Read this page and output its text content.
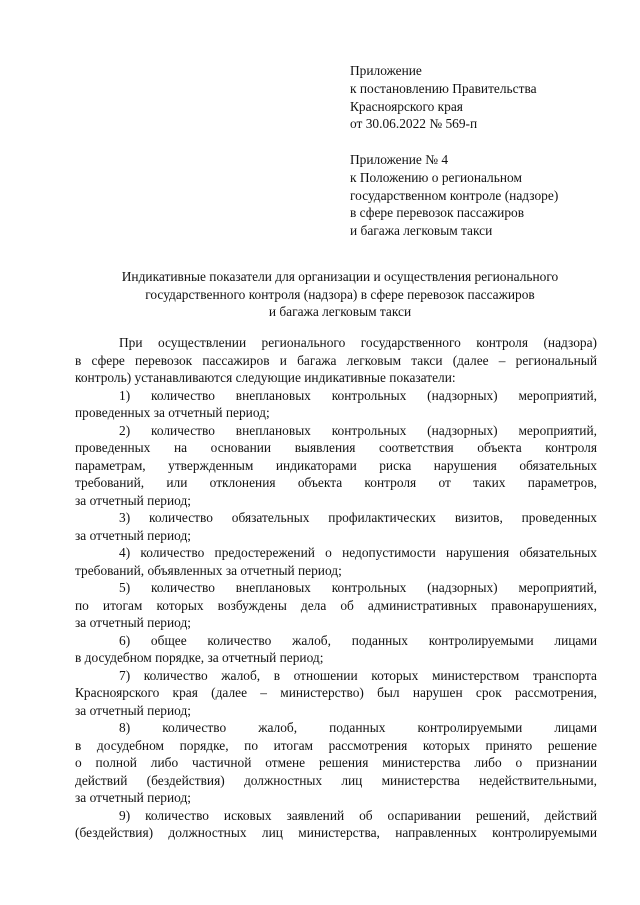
Приложение
к постановлению Правительства
Красноярского края
от 30.06.2022 № 569-п
Приложение № 4
к Положению о региональном
государственном контроле (надзоре)
в сфере перевозок пассажиров
и багажа легковым такси
Индикативные показатели для организации и осуществления регионального
государственного контроля (надзора) в сфере перевозок пассажиров
и багажа легковым такси
При осуществлении регионального государственного контроля (надзора)
в сфере перевозок пассажиров и багажа легковым такси (далее – региональный
контроль) устанавливаются следующие индикативные показатели:
1) количество внеплановых контрольных (надзорных) мероприятий,
проведенных за отчетный период;
2) количество внеплановых контрольных (надзорных) мероприятий,
проведенных на основании выявления соответствия объекта контроля
параметрам, утвержденным индикаторами риска нарушения обязательных
требований, или отклонения объекта контроля от таких параметров,
за отчетный период;
3) количество обязательных профилактических визитов, проведенных
за отчетный период;
4) количество предостережений о недопустимости нарушения обязательных
требований, объявленных за отчетный период;
5) количество внеплановых контрольных (надзорных) мероприятий,
по итогам которых возбуждены дела об административных правонарушениях,
за отчетный период;
6) общее количество жалоб, поданных контролируемыми лицами
в досудебном порядке, за отчетный период;
7) количество жалоб, в отношении которых министерством транспорта
Красноярского края (далее – министерство) был нарушен срок рассмотрения,
за отчетный период;
8) количество жалоб, поданных контролируемыми лицами
в досудебном порядке, по итогам рассмотрения которых принято решение
о полной либо частичной отмене решения министерства либо о признании
действий (бездействия) должностных лиц министерства недействительными,
за отчетный период;
9) количество исковых заявлений об оспаривании решений, действий
(бездействия) должностных лиц министерства, направленных контролируемыми
